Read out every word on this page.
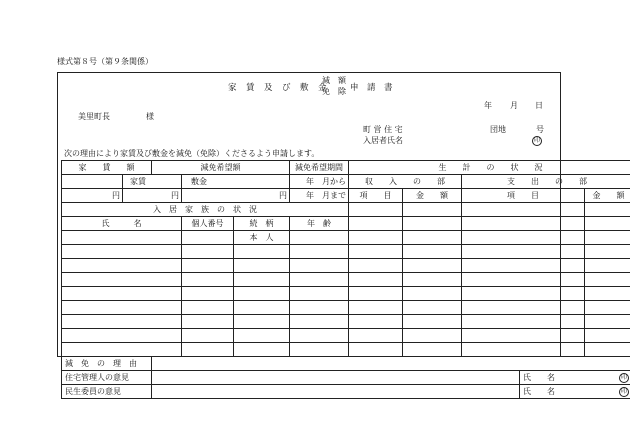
様式第８号（第９条関係）
家　賃　及　び　敷　金
減　額
免　除 申　請　書
年 月 日
美里町長	様
町 営 住 宅	団地	号
入居者氏名	印
次の理由により家賃及び敷金を減免（免除）くださるよう申請します。
家　　賃　　額		減免希望額			減免希望期間	生　　計　　の　　状　　況				
	家賃		敷金		年　月から	収　　入　　の　　部		支　　出　　の　　部		
円	円		円		年　月まで	項　　目	金　　額	項　　目		金　　額
入　居　家　族　の　状　況										
氏　　　名			個人番号	続　柄	年　齢					
				本　人						

減　免　の　理　由										
住宅管理人の意見									氏　　名 印	
民生委員の意見									氏　　名 印	
